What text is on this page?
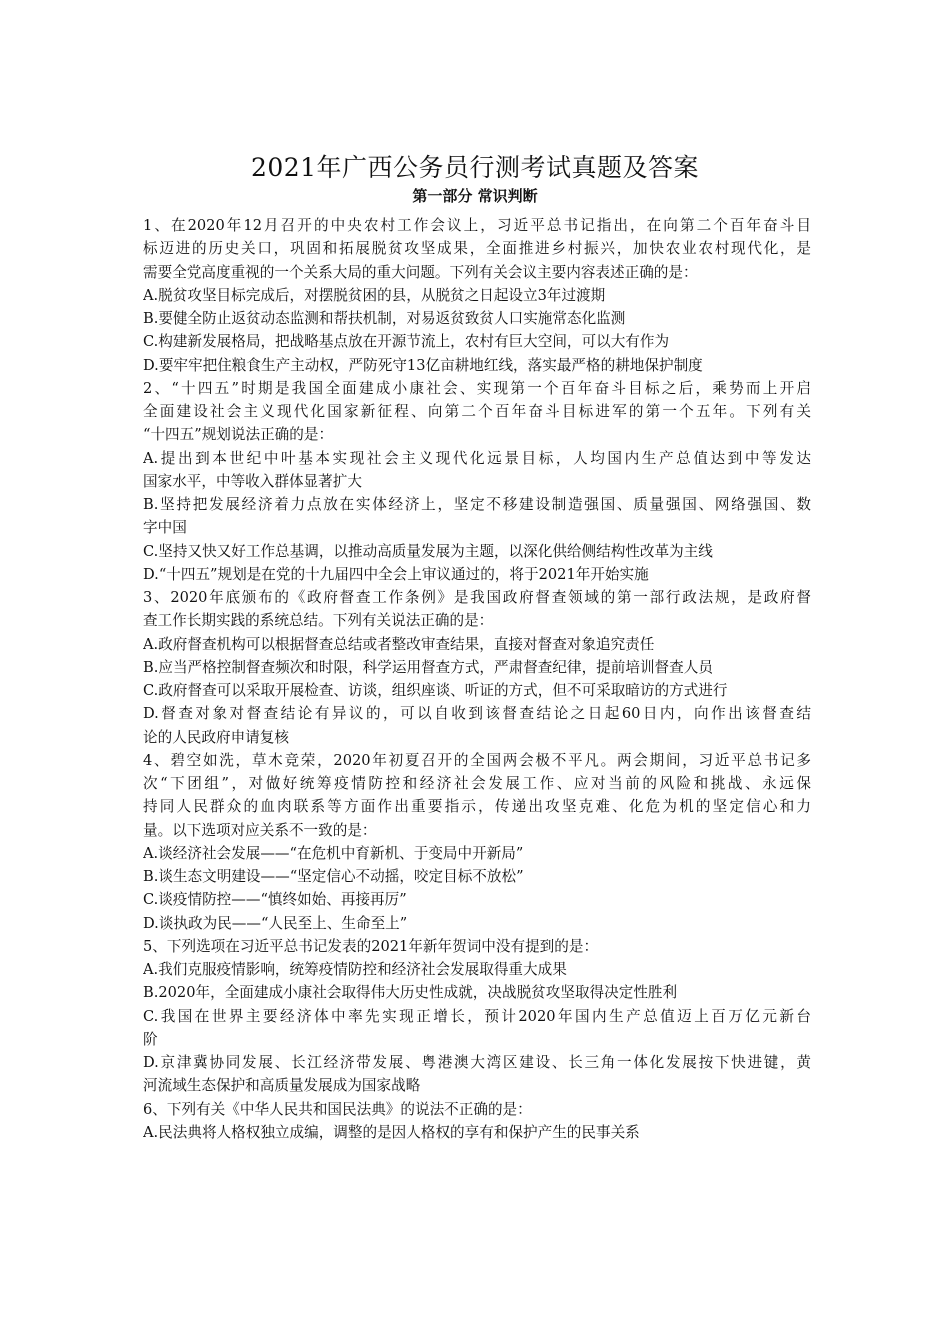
2021年广西公务员行测考试真题及答案
第一部分 常识判断
1、在2020年12月召开的中央农村工作会议上，习近平总书记指出，在向第二个百年奋斗目
标迈进的历史关口，巩固和拓展脱贫攻坚成果，全面推进乡村振兴，加快农业农村现代化，是
需要全党高度重视的一个关系大局的重大问题。下列有关会议主要内容表述正确的是：
A.脱贫攻坚目标完成后，对摆脱贫困的县，从脱贫之日起设立3年过渡期
B.要健全防止返贫动态监测和帮扶机制，对易返贫致贫人口实施常态化监测
C.构建新发展格局，把战略基点放在开源节流上，农村有巨大空间，可以大有作为
D.要牢牢把住粮食生产主动权，严防死守13亿亩耕地红线，落实最严格的耕地保护制度
2、“十四五”时期是我国全面建成小康社会、实现第一个百年奋斗目标之后，乘势而上开启
全面建设社会主义现代化国家新征程、向第二个百年奋斗目标进军的第一个五年。下列有关
“十四五”规划说法正确的是：
A.提出到本世纪中叶基本实现社会主义现代化远景目标，人均国内生产总值达到中等发达
国家水平，中等收入群体显著扩大
B.坚持把发展经济着力点放在实体经济上，坚定不移建设制造强国、质量强国、网络强国、数
字中国
C.坚持又快又好工作总基调，以推动高质量发展为主题，以深化供给侧结构性改革为主线
D.“十四五”规划是在党的十九届四中全会上审议通过的，将于2021年开始实施
3、2020年底颁布的《政府督查工作条例》是我国政府督查领域的第一部行政法规，是政府督
查工作长期实践的系统总结。下列有关说法正确的是：
A.政府督查机构可以根据督查总结或者整改审查结果，直接对督查对象追究责任
B.应当严格控制督查频次和时限，科学运用督查方式，严肃督查纪律，提前培训督查人员
C.政府督查可以采取开展检查、访谈，组织座谈、听证的方式，但不可采取暗访的方式进行
D.督查对象对督查结论有异议的，可以自收到该督查结论之日起60日内，向作出该督查结
论的人民政府申请复核
4、碧空如洗，草木竞荣，2020年初夏召开的全国两会极不平凡。两会期间，习近平总书记多
次“下团组”，对做好统筹疫情防控和经济社会发展工作、应对当前的风险和挑战、永远保
持同人民群众的血肉联系等方面作出重要指示，传递出攻坚克难、化危为机的坚定信心和力
量。以下选项对应关系不一致的是：
A.谈经济社会发展——“在危机中育新机、于变局中开新局”
B.谈生态文明建设——“坚定信心不动摇，咬定目标不放松”
C.谈疫情防控——“慎终如始、再接再厉”
D.谈执政为民——“人民至上、生命至上”
5、下列选项在习近平总书记发表的2021年新年贺词中没有提到的是：
A.我们克服疫情影响，统筹疫情防控和经济社会发展取得重大成果
B.2020年，全面建成小康社会取得伟大历史性成就，决战脱贫攻坚取得决定性胜利
C.我国在世界主要经济体中率先实现正增长，预计2020年国内生产总值迈上百万亿元新台
阶
D.京津冀协同发展、长江经济带发展、粤港澳大湾区建设、长三角一体化发展按下快进键，黄
河流域生态保护和高质量发展成为国家战略
6、下列有关《中华人民共和国民法典》的说法不正确的是：
A.民法典将人格权独立成编，调整的是因人格权的享有和保护产生的民事关系
